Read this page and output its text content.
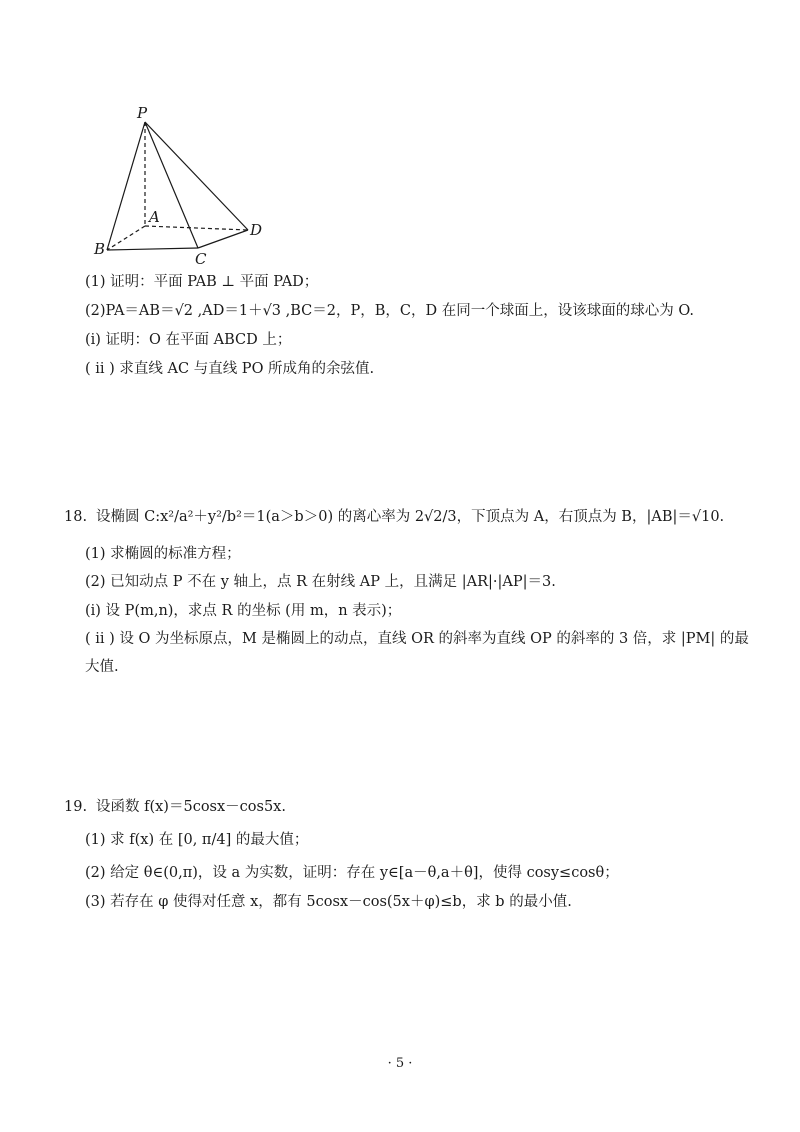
P
A
B
C
D
(1) 证明：平面 PAB ⊥ 平面 PAD；
(2)PA＝AB＝√2 ,AD＝1＋√3 ,BC＝2，P，B，C，D 在同一个球面上，设该球面的球心为 O.
(i) 证明：O 在平面 ABCD 上；
( ii ) 求直线 AC 与直线 PO 所成角的余弦值.
18. 设椭圆 C:x²/a²＋y²/b²＝1(a＞b＞0) 的离心率为 2√2/3，下顶点为 A，右顶点为 B，|AB|＝√10.
(1) 求椭圆的标准方程；
(2) 已知动点 P 不在 y 轴上，点 R 在射线 AP 上，且满足 |AR|·|AP|＝3.
(i) 设 P(m,n)，求点 R 的坐标 (用 m，n 表示)；
( ii ) 设 O 为坐标原点，M 是椭圆上的动点，直线 OR 的斜率为直线 OP 的斜率的 3 倍，求 |PM| 的最
大值.
19. 设函数 f(x)＝5cosx－cos5x.
(1) 求 f(x) 在 [0, π/4] 的最大值；
(2) 给定 θ∈(0,π)，设 a 为实数，证明：存在 y∈[a－θ,a＋θ]，使得 cosy≤cosθ；
(3) 若存在 φ 使得对任意 x，都有 5cosx－cos(5x＋φ)≤b，求 b 的最小值.
· 5 ·
